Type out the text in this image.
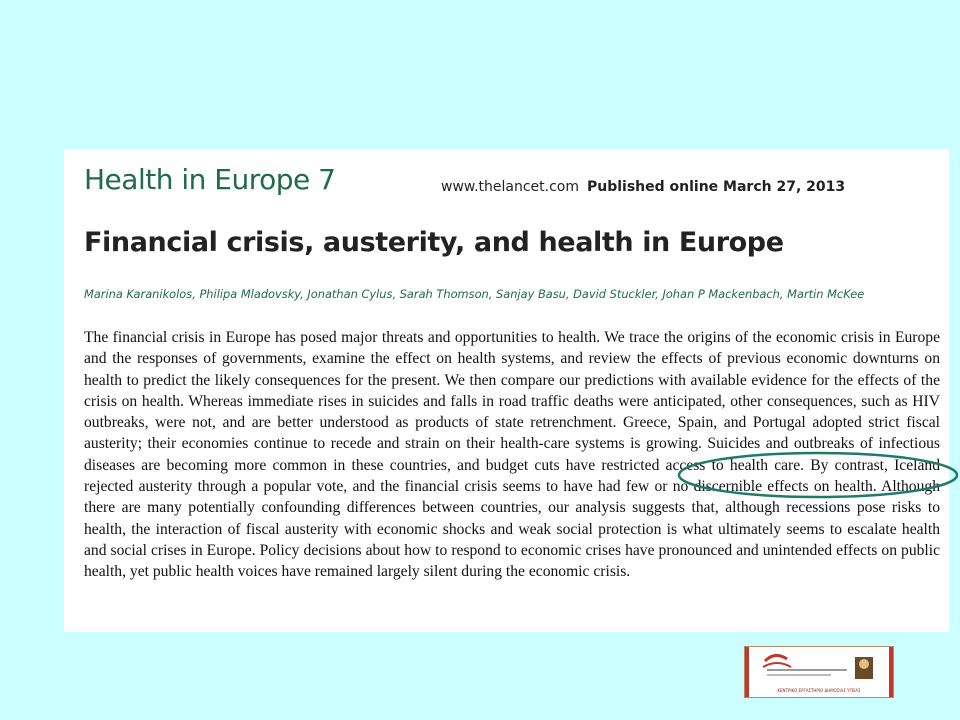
Health in Europe 7	www.thelancet.com Published online March 27, 2013
Financial crisis, austerity, and health in Europe
Marina Karanikolos, Philipa Mladovsky, Jonathan Cylus, Sarah Thomson, Sanjay Basu, David Stuckler, Johan P Mackenbach, Martin McKee

The financial crisis in Europe has posed major threats and opportunities to health. We trace the origins of the economic crisis in Europe and the responses of governments, examine the effect on health systems, and review the effects of previous economic downturns on health to predict the likely consequences for the present. We then compare our predictions with available evidence for the effects of the crisis on health. Whereas immediate rises in suicides and falls in road traffic deaths were anticipated, other consequences, such as HIV outbreaks, were not, and are better understood as products of state retrenchment. Greece, Spain, and Portugal adopted strict fiscal austerity; their economies continue to recede and strain on their health-care systems is growing. Suicides and outbreaks of infectious diseases are becoming more common in these countries, and budget cuts have restricted access to health care. By contrast, Iceland rejected austerity through a popular vote, and the financial crisis seems to have had few or no discernible effects on health. Although there are many potentially confounding differences between countries, our analysis suggests that, although recessions pose risks to health, the interaction of fiscal austerity with economic shocks and weak social protection is what ultimately seems to escalate health and social crises in Europe. Policy decisions about how to respond to economic crises have pronounced and unintended effects on public health, yet public health voices have remained largely silent during the economic crisis.

ΚΕΝΤΡΙΚΟ ΕΡΓΑΣΤΗΡΙΟ ΔΗΜΟΣΙΑΣ ΥΓΕΙΑΣ
